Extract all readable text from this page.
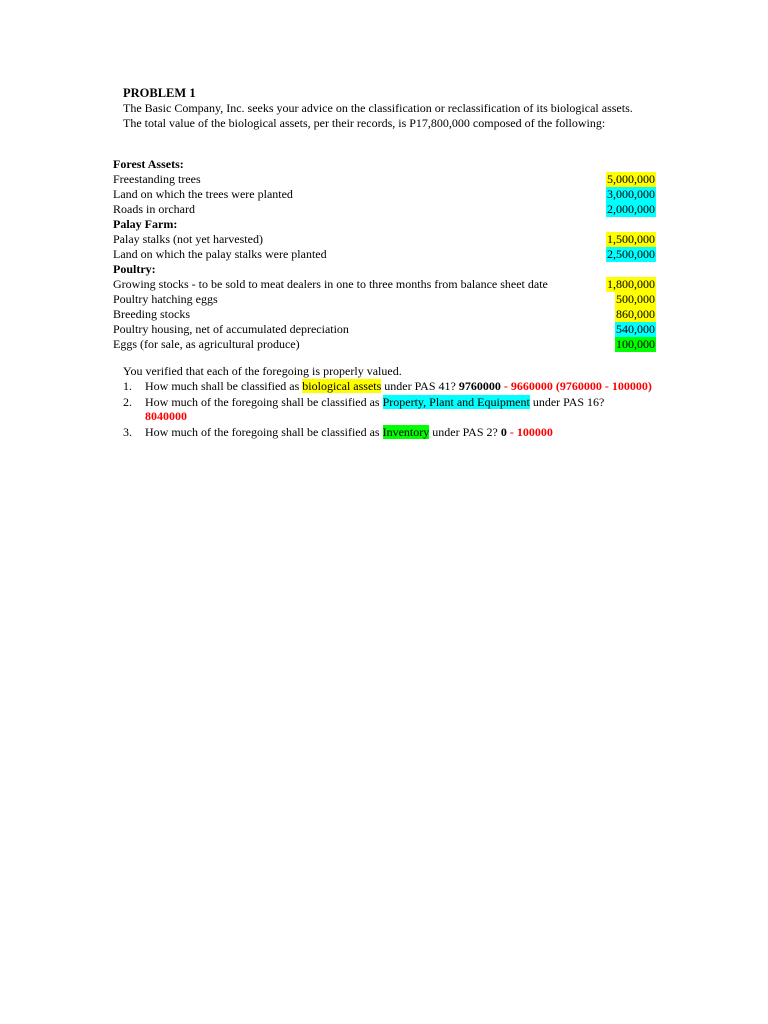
PROBLEM 1
The Basic Company, Inc. seeks your advice on the classification or reclassification of its biological assets. The total value of the biological assets, per their records, is P17,800,000 composed of the following:
Forest Assets:
Freestanding trees	5,000,000
Land on which the trees were planted	3,000,000
Roads in orchard	2,000,000
Palay Farm:
Palay stalks (not yet harvested)	1,500,000
Land on which the palay stalks were planted	2,500,000
Poultry:
Growing stocks - to be sold to meat dealers in one to three months from balance sheet date	1,800,000
Poultry hatching eggs	500,000
Breeding stocks	860,000
Poultry housing, net of accumulated depreciation	540,000
Eggs (for sale, as agricultural produce)	100,000
You verified that each of the foregoing is properly valued.
1. How much shall be classified as biological assets under PAS 41? 9760000 - 9660000 (9760000 - 100000)
2. How much of the foregoing shall be classified as Property, Plant and Equipment under PAS 16?
8040000
3. How much of the foregoing shall be classified as Inventory under PAS 2? 0 - 100000
